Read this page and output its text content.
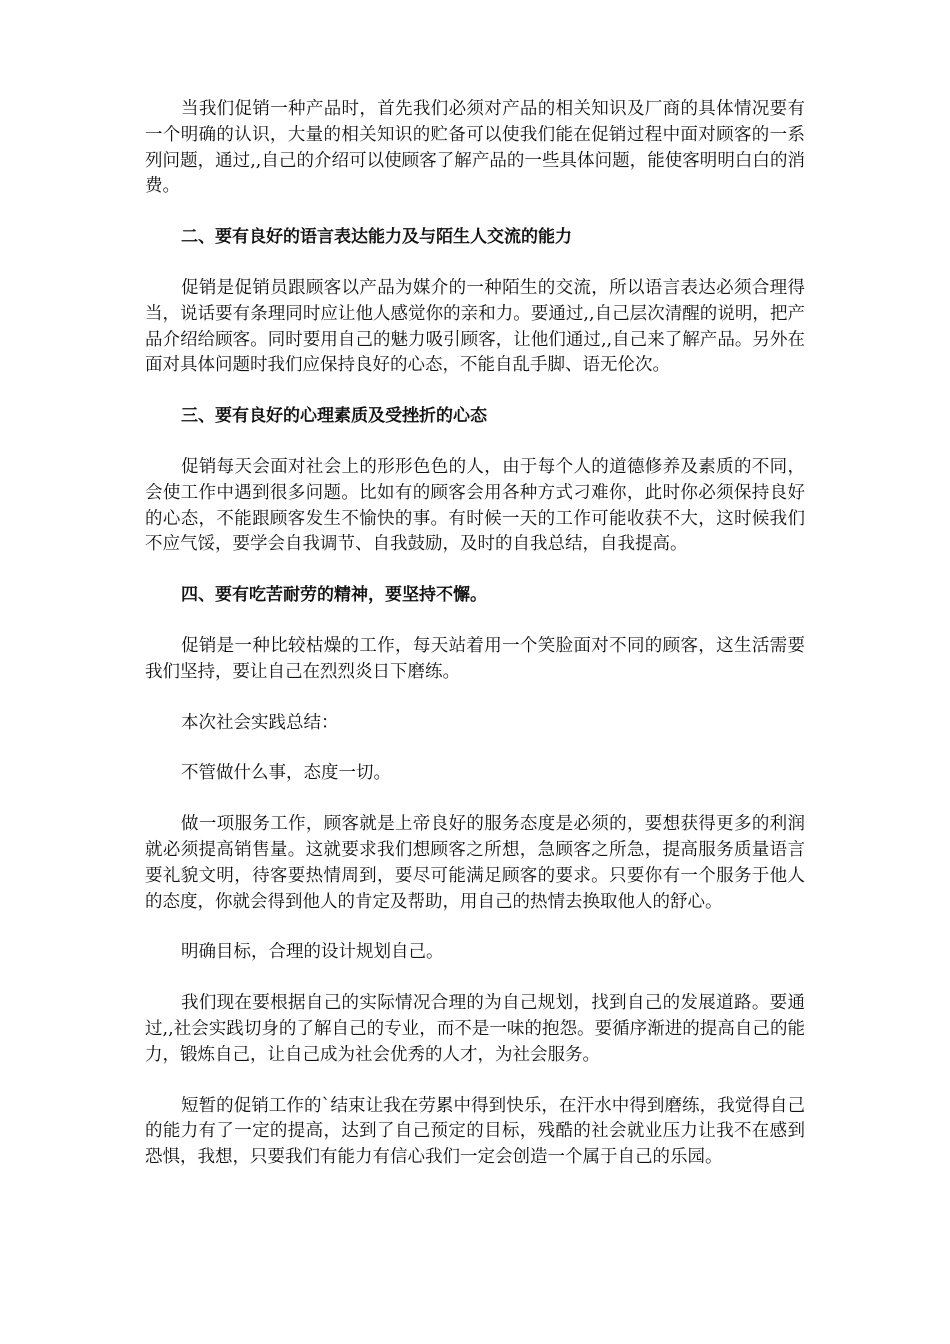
当我们促销一种产品时，首先我们必须对产品的相关知识及厂商的具体情况要有一个明确的认识，大量的相关知识的贮备可以使我们能在促销过程中面对顾客的一系列问题，通过,,自己的介绍可以使顾客了解产品的一些具体问题，能使客明明白白的消费。

二、要有良好的语言表达能力及与陌生人交流的能力

促销是促销员跟顾客以产品为媒介的一种陌生的交流，所以语言表达必须合理得当，说话要有条理同时应让他人感觉你的亲和力。要通过,,自己层次清醒的说明，把产品介绍给顾客。同时要用自己的魅力吸引顾客，让他们通过,,自己来了解产品。另外在面对具体问题时我们应保持良好的心态，不能自乱手脚、语无伦次。

三、要有良好的心理素质及受挫折的心态

促销每天会面对社会上的形形色色的人，由于每个人的道德修养及素质的不同，会使工作中遇到很多问题。比如有的顾客会用各种方式刁难你，此时你必须保持良好的心态，不能跟顾客发生不愉快的事。有时候一天的工作可能收获不大，这时候我们不应气馁，要学会自我调节、自我鼓励，及时的自我总结，自我提高。

四、要有吃苦耐劳的精神，要坚持不懈。

促销是一种比较枯燥的工作，每天站着用一个笑脸面对不同的顾客，这生活需要我们坚持，要让自己在烈烈炎日下磨练。

本次社会实践总结：

不管做什么事，态度一切。

做一项服务工作，顾客就是上帝良好的服务态度是必须的，要想获得更多的利润就必须提高销售量。这就要求我们想顾客之所想，急顾客之所急，提高服务质量语言要礼貌文明，待客要热情周到，要尽可能满足顾客的要求。只要你有一个服务于他人的态度，你就会得到他人的肯定及帮助，用自己的热情去换取他人的舒心。

明确目标，合理的设计规划自己。

我们现在要根据自己的实际情况合理的为自己规划，找到自己的发展道路。要通过,,社会实践切身的了解自己的专业，而不是一味的抱怨。要循序渐进的提高自己的能力，锻炼自己，让自己成为社会优秀的人才，为社会服务。

短暂的促销工作的`结束让我在劳累中得到快乐，在汗水中得到磨练，我觉得自己的能力有了一定的提高，达到了自己预定的目标，残酷的社会就业压力让我不在感到恐惧，我想，只要我们有能力有信心我们一定会创造一个属于自己的乐园。
